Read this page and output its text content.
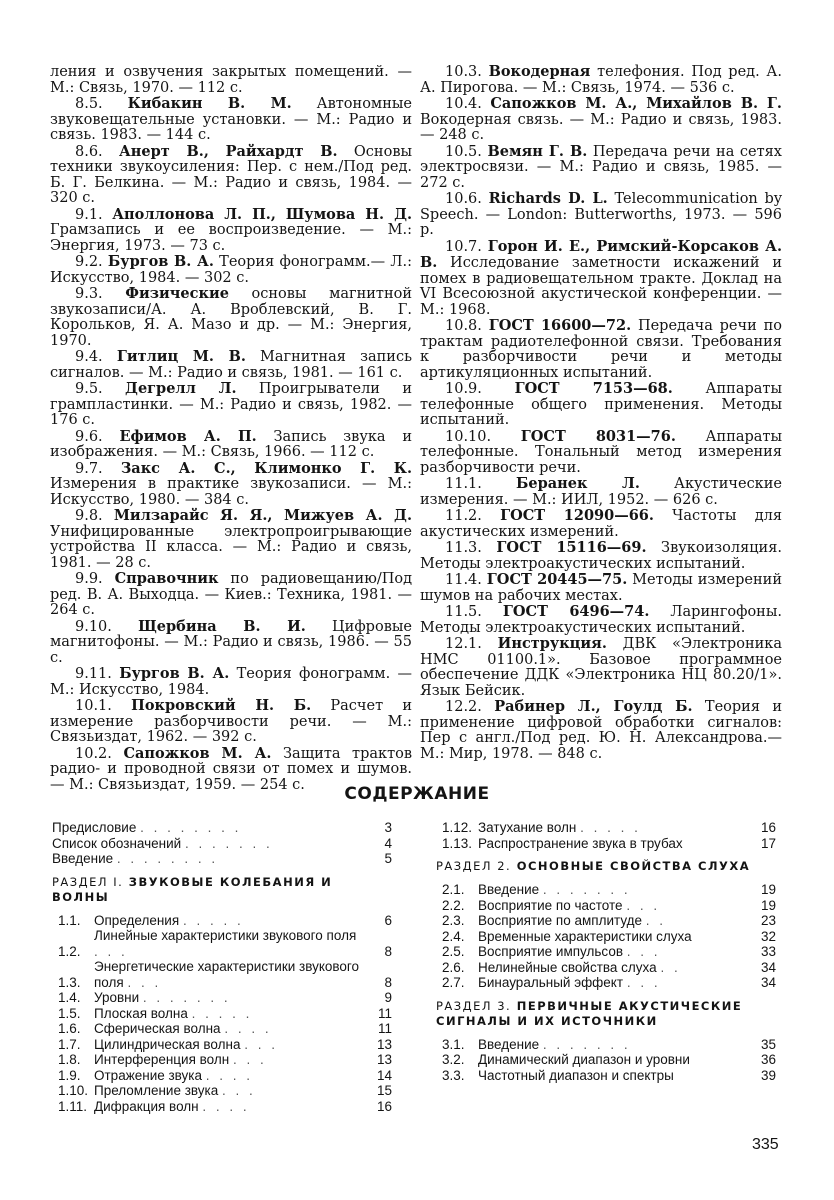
ления и озвучения закрытых помещений. — М.: Связь, 1970. — 112 с.
8.5. Кибакин В. М. Автономные звуковещательные установки. — М.: Радио и связь. 1983. — 144 с.
8.6. Анерт В., Райхардт В. Основы техники звукоусиления: Пер. с нем./Под ред. Б. Г. Белкина. — М.: Радио и связь, 1984. — 320 с.
9.1. Аполлонова Л. П., Шумова Н. Д. Грамзапись и ее воспроизведение. — М.: Энергия, 1973. — 73 с.
9.2. Бургов В. А. Теория фонограмм.— Л.: Искусство, 1984. — 302 с.
9.3. Физические основы магнитной звукозаписи/А. А. Вроблевский, В. Г. Корольков, Я. А. Мазо и др. — М.: Энергия, 1970.
9.4. Гитлиц М. В. Магнитная запись сигналов. — М.: Радио и связь, 1981. — 161 с.
9.5. Дегрелл Л. Проигрыватели и грампластинки. — М.: Радио и связь, 1982. — 176 с.
9.6. Ефимов А. П. Запись звука и изображения. — М.: Связь, 1966. — 112 с.
9.7. Закс А. С., Климонко Г. К. Измерения в практике звукозаписи. — М.: Искусство, 1980. — 384 с.
9.8. Милзарайс Я. Я., Мижуев А. Д. Унифицированные электропроигрывающие устройства II класса. — М.: Радио и связь, 1981. — 28 с.
9.9. Справочник по радиовещанию/Под ред. В. А. Выходца. — Киев.: Техника, 1981. — 264 с.
9.10. Щербина В. И. Цифровые магнитофоны. — М.: Радио и связь, 1986. — 55 с.
9.11. Бургов В. А. Теория фонограмм. — М.: Искусство, 1984.
10.1. Покровский Н. Б. Расчет и измерение разборчивости речи. — М.: Связьиздат, 1962. — 392 с.
10.2. Сапожков М. А. Защита трактов радио- и проводной связи от помех и шумов. — М.: Связьиздат, 1959. — 254 с.
10.3. Вокодерная телефония. Под ред. А. А. Пирогова. — М.: Связь, 1974. — 536 с.
10.4. Сапожков М. А., Михайлов В. Г. Вокодерная связь. — М.: Радио и связь, 1983. — 248 с.
10.5. Вемян Г. В. Передача речи на сетях электросвязи. — М.: Радио и связь, 1985. — 272 с.
10.6. Richards D. L. Telecommunication by Speech. — London: Butterworths, 1973. — 596 p.
10.7. Горон И. Е., Римский-Корсаков А. В. Исследование заметности искажений и помех в радиовещательном тракте. Доклад на VI Всесоюзной акустической конференции. — М.: 1968.
10.8. ГОСТ 16600—72. Передача речи по трактам радиотелефонной связи. Требования к разборчивости речи и методы артикуляционных испытаний.
10.9. ГОСТ 7153—68. Аппараты телефонные общего применения. Методы испытаний.
10.10. ГОСТ 8031—76. Аппараты телефонные. Тональный метод измерения разборчивости речи.
11.1. Беранек Л. Акустические измерения. — М.: ИИЛ, 1952. — 626 с.
11.2. ГОСТ 12090—66. Частоты для акустических измерений.
11.3. ГОСТ 15116—69. Звукоизоляция. Методы электроакустических испытаний.
11.4. ГОСТ 20445—75. Методы измерений шумов на рабочих местах.
11.5. ГОСТ 6496—74. Ларингофоны. Методы электроакустических испытаний.
12.1. Инструкция. ДВК «Электроника НМС 01100.1». Базовое программное обеспечение ДДК «Электроника НЦ 80.20/1». Язык Бейсик.
12.2. Рабинер Л., Гоулд Б. Теория и применение цифровой обработки сигналов: Пер с англ./Под ред. Ю. Н. Александрова.— М.: Мир, 1978. — 848 с.
СОДЕРЖАНИЕ
Предисловие . . . . . . . .	3
Список обозначений . . . . . . .	4
Введение . . . . . . . .	5
РАЗДЕЛ I. ЗВУКОВЫЕ КОЛЕБАНИЯ И ВОЛНЫ
1.1. Определения . . . . .	6
1.2.
Линейные характеристики звукового поля . . .	8
1.3.
Энергетические характеристики звукового поля . . .	8
1.4. Уровни . . . . . . .	9
1.5. Плоская волна . . . . .	11
1.6. Сферическая волна . . . .	11
1.7. Цилиндрическая волна . . .	13
1.8. Интерференция волн . . .	13
1.9. Отражение звука . . . .	14
1.10. Преломление звука . . .	15
1.11. Дифракция волн . . . .	16
1.12. Затухание волн . . . . .	16
1.13. Распространение звука в трубах	17
РАЗДЕЛ 2. ОСНОВНЫЕ СВОЙСТВА СЛУХА
2.1. Введение . . . . . . .	19
2.2. Восприятие по частоте . . .	19
2.3. Восприятие по амплитуде . .	23
2.4. Временные характеристики слуха	32
2.5. Восприятие импульсов . . .	33
2.6. Нелинейные свойства слуха . .	34
2.7. Бинауральный эффект . . .	34
РАЗДЕЛ 3. ПЕРВИЧНЫЕ АКУСТИЧЕСКИЕ СИГНАЛЫ И ИХ ИСТОЧНИКИ
3.1. Введение . . . . . . .	35
3.2. Динамический диапазон и уровни	36
3.3. Частотный диапазон и спектры	39
335
